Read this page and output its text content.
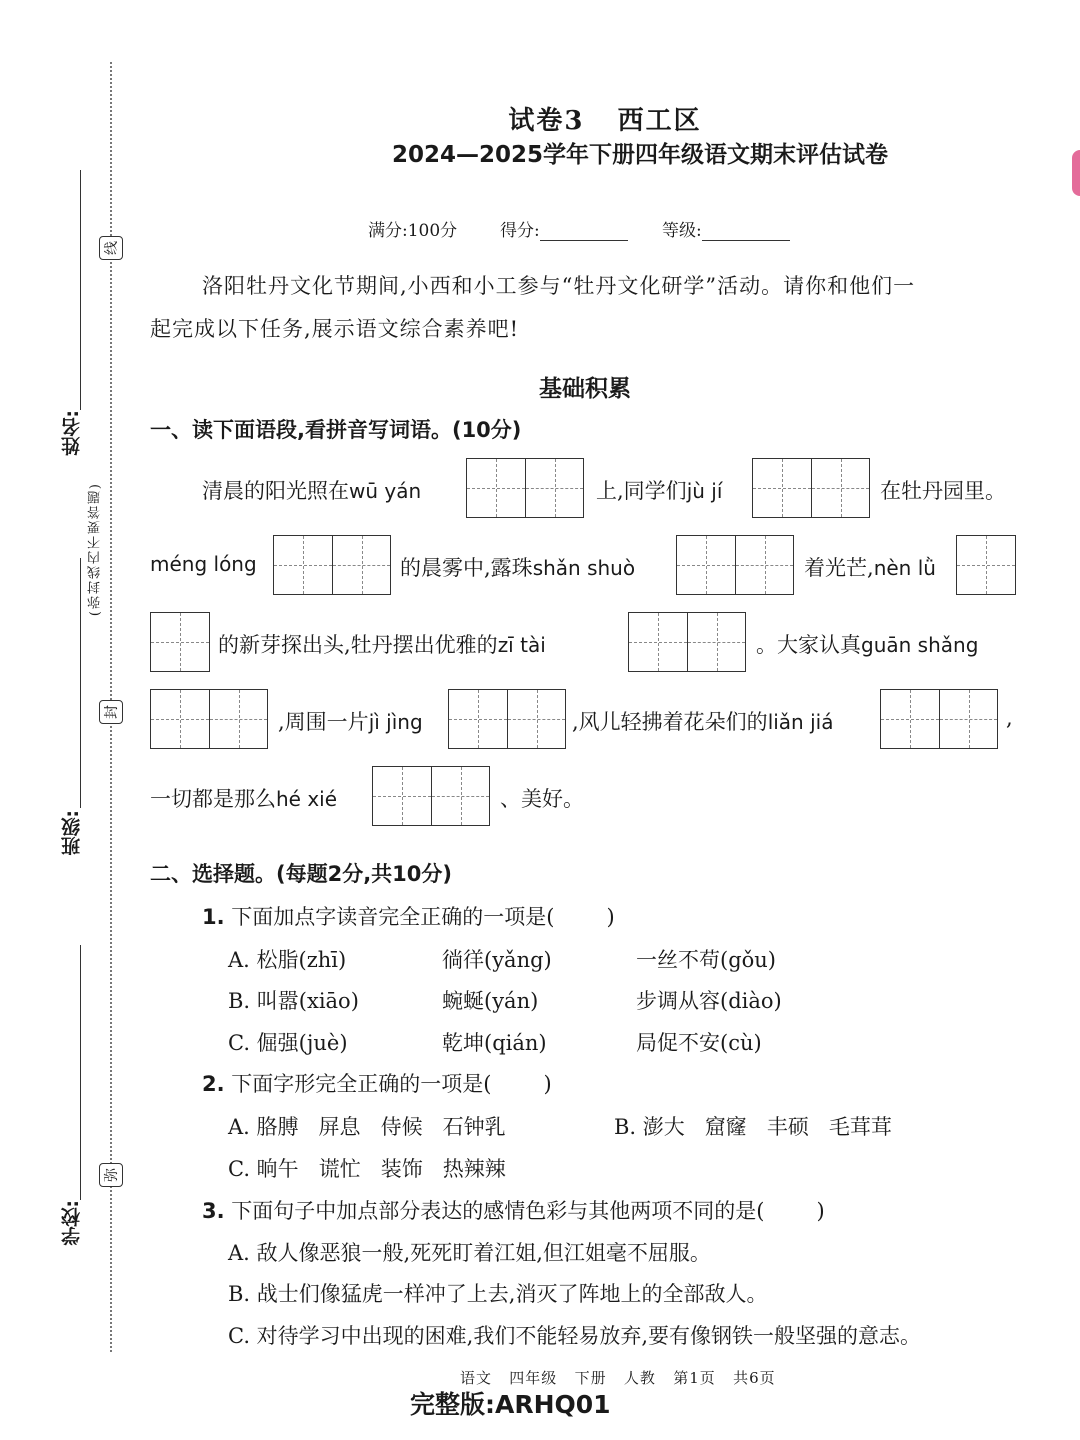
姓名:
线
(弥封线内不要答题)
封
班级:
弥
学校:
试卷3 西工区
2024—2025学年下册四年级语文期末评估试卷
满分:100分	得分:	等级:
洛阳牡丹文化节期间,小西和小工参与“牡丹文化研学”活动。请你和他们一
起完成以下任务,展示语文综合素养吧!
基础积累
一、读下面语段,看拼音写词语。(10分)
清晨的阳光照在wū yán	上,同学们jù jí	在牡丹园里。
méng lóng	的晨雾中,露珠shǎn shuò	着光芒,nèn lǜ
的新芽探出头,牡丹摆出优雅的zī tài	。大家认真guān shǎng
,周围一片jì jìng	,风儿轻拂着花朵们的liǎn jiá	,
一切都是那么hé xié	、美好。
二、选择题。(每题2分,共10分)
1. 下面加点字读音完全正确的一项是( )
A. 松脂(zhī)	徜徉(yǎng)	一丝不苟(gǒu)
B. 叫嚣(xiāo)	蜿蜒(yán)	步调从容(diào)
C. 倔强(juè)	乾坤(qián)	局促不安(cù)
2. 下面字形完全正确的一项是( )
A. 胳膊   屏息   侍候   石钟乳	B. 澎大   窟窿   丰硕   毛茸茸
C. 晌午   谎忙   装饰   热辣辣
3. 下面句子中加点部分表达的感情色彩与其他两项不同的是( )
A. 敌人像恶狼一般,死死盯着江姐,但江姐毫不屈服。
B. 战士们像猛虎一样冲了上去,消灭了阵地上的全部敌人。
C. 对待学习中出现的困难,我们不能轻易放弃,要有像钢铁一般坚强的意志。
语文   四年级   下册   人教   第1页   共6页
完整版:ARHQ01
